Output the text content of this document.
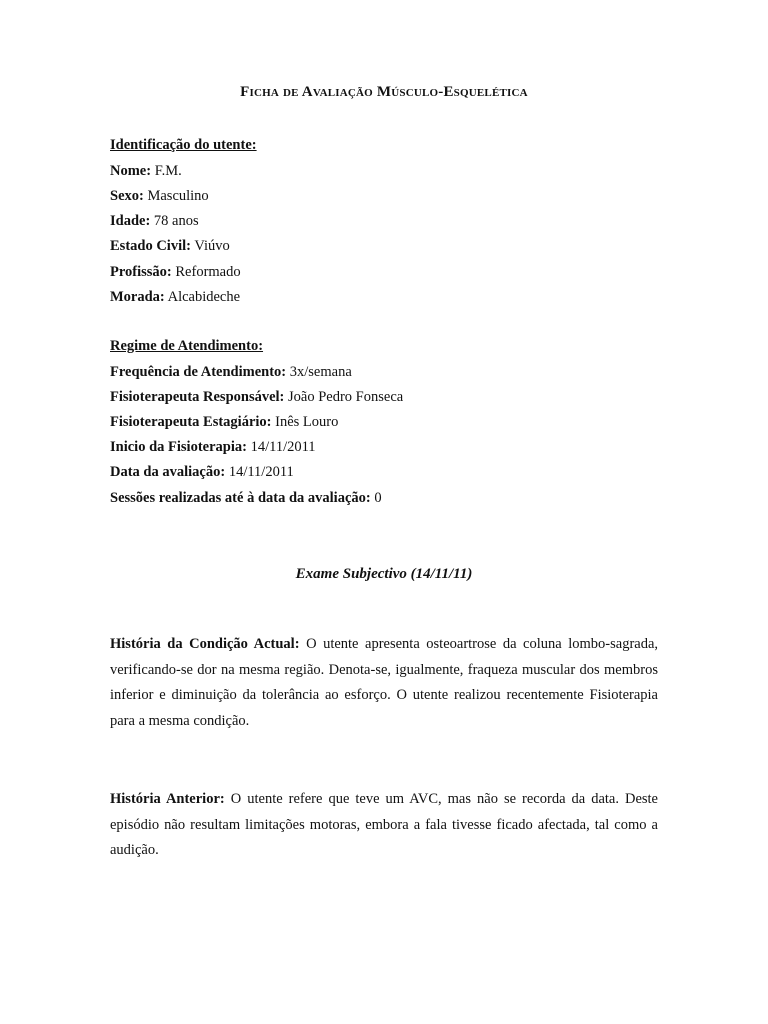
Ficha de Avaliação Músculo-Esquelética
Identificação do utente:
Nome: F.M.
Sexo: Masculino
Idade: 78 anos
Estado Civil: Viúvo
Profissão: Reformado
Morada: Alcabideche
Regime de Atendimento:
Frequência de Atendimento: 3x/semana
Fisioterapeuta Responsável: João Pedro Fonseca
Fisioterapeuta Estagiário: Inês Louro
Inicio da Fisioterapia: 14/11/2011
Data da avaliação: 14/11/2011
Sessões realizadas até à data da avaliação: 0
Exame Subjectivo (14/11/11)
História da Condição Actual: O utente apresenta osteoartrose da coluna lombo-sagrada, verificando-se dor na mesma região. Denota-se, igualmente, fraqueza muscular dos membros inferior e diminuição da tolerância ao esforço. O utente realizou recentemente Fisioterapia para a mesma condição.
História Anterior: O utente refere que teve um AVC, mas não se recorda da data. Deste episódio não resultam limitações motoras, embora a fala tivesse ficado afectada, tal como a audição.
